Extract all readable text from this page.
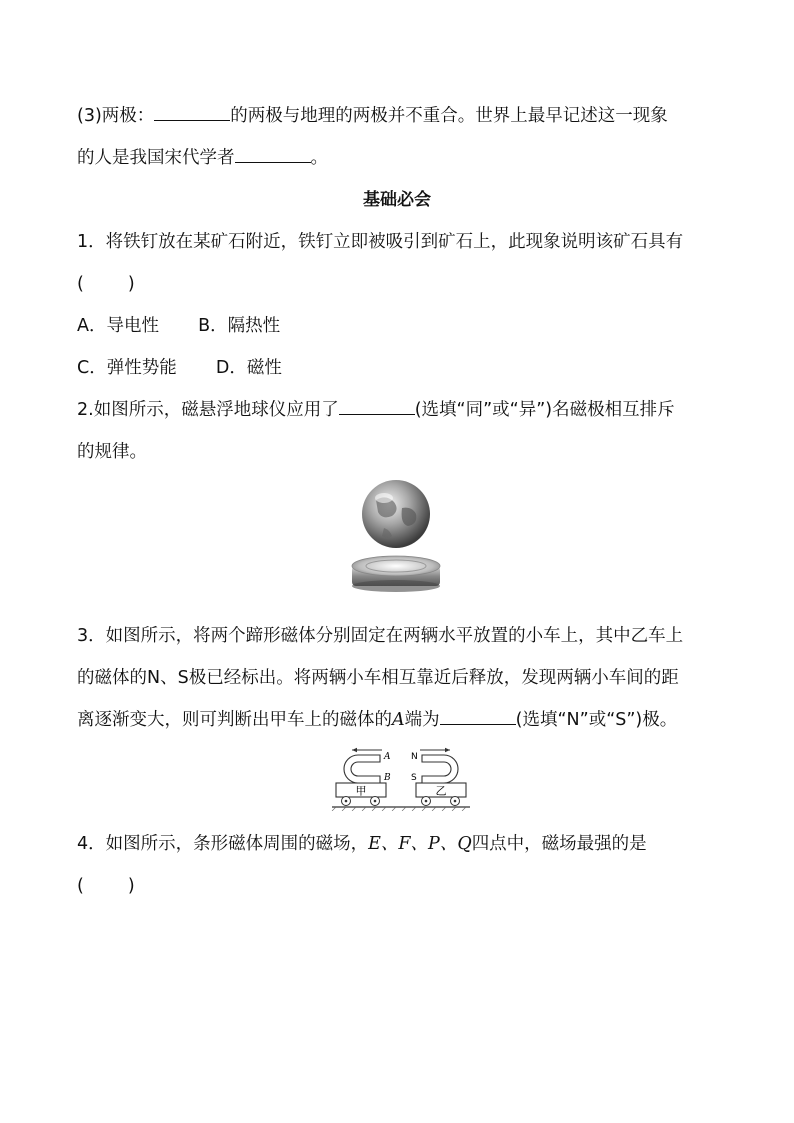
(3)两极：	的两极与地理的两极并不重合。世界上最早记述这一现象
的人是我国宋代学者	。
基础必会
1．将铁钉放在某矿石附近，铁钉立即被吸引到矿石上，此现象说明该矿石具有
(	)
A．导电性 B．隔热性
C．弹性势能 D．磁性
2.如图所示，磁悬浮地球仪应用了	(选填“同”或“异”)名磁极相互排斥
的规律。
3．如图所示，将两个蹄形磁体分别固定在两辆水平放置的小车上，其中乙车上
的磁体的N、S极已经标出。将两辆小车相互靠近后释放，发现两辆小车间的距
离逐渐变大，则可判断出甲车上的磁体的A端为	(选填“N”或“S”)极。
甲
A
B
乙
N
S
4．如图所示，条形磁体周围的磁场，E、F、P、Q四点中，磁场最强的是
(	)
